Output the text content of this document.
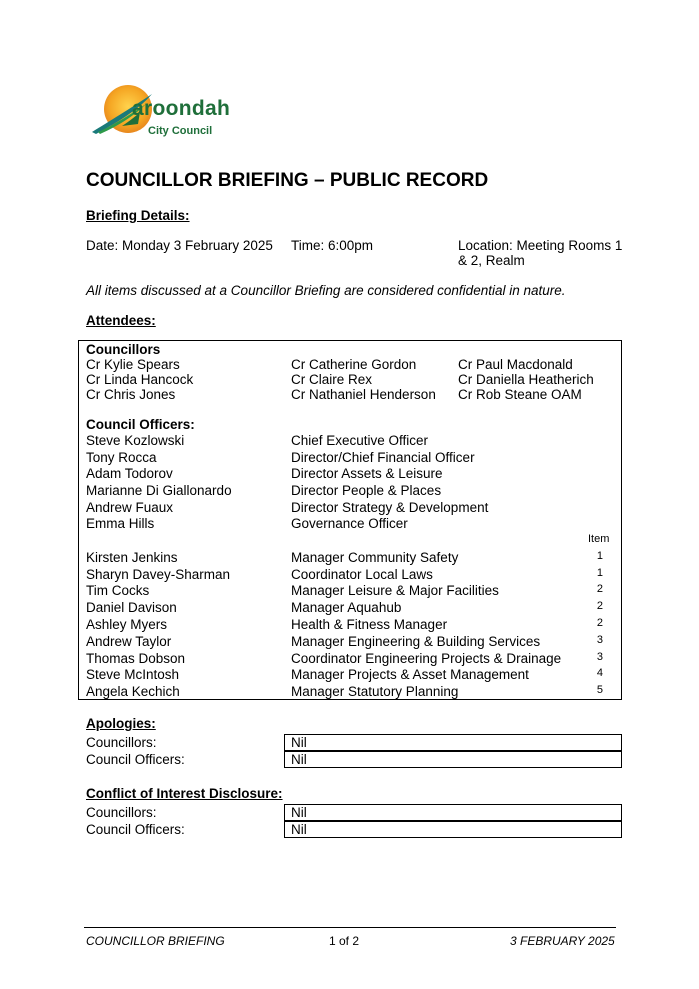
aroondah
City Council
COUNCILLOR BRIEFING – PUBLIC RECORD
Briefing Details:
Date: Monday 3 February 2025 Time: 6:00pm	Location: Meeting Rooms 1
& 2, Realm
All items discussed at a Councillor Briefing are considered confidential in nature.
Attendees:
Councillors
Cr Kylie Spears	Cr Catherine Gordon	Cr Paul Macdonald
Cr Linda Hancock	Cr Claire Rex	Cr Daniella Heatherich
Cr Chris Jones	Cr Nathaniel Henderson Cr Rob Steane OAM
Council Officers:
Steve Kozlowski	Chief Executive Officer
Tony Rocca	Director/Chief Financial Officer
Adam Todorov	Director Assets & Leisure
Marianne Di Giallonardo	Director People & Places
Andrew Fuaux	Director Strategy & Development
Emma Hills	Governance Officer
Item
Kirsten Jenkins	Manager Community Safety	1
Sharyn Davey-Sharman	Coordinator Local Laws	1
Tim Cocks	Manager Leisure & Major Facilities	2
Daniel Davison	Manager Aquahub	2
Ashley Myers	Health & Fitness Manager	2
Andrew Taylor	Manager Engineering & Building Services	3
Thomas Dobson	Coordinator Engineering Projects & Drainage	3
Steve McIntosh	Manager Projects & Asset Management	4
Angela Kechich	Manager Statutory Planning	5
Apologies:
Councillors:	Nil
Council Officers:	Nil
Conflict of Interest Disclosure:
Councillors:	Nil
Council Officers:	Nil
COUNCILLOR BRIEFING	1 of 2	3 FEBRUARY 2025
